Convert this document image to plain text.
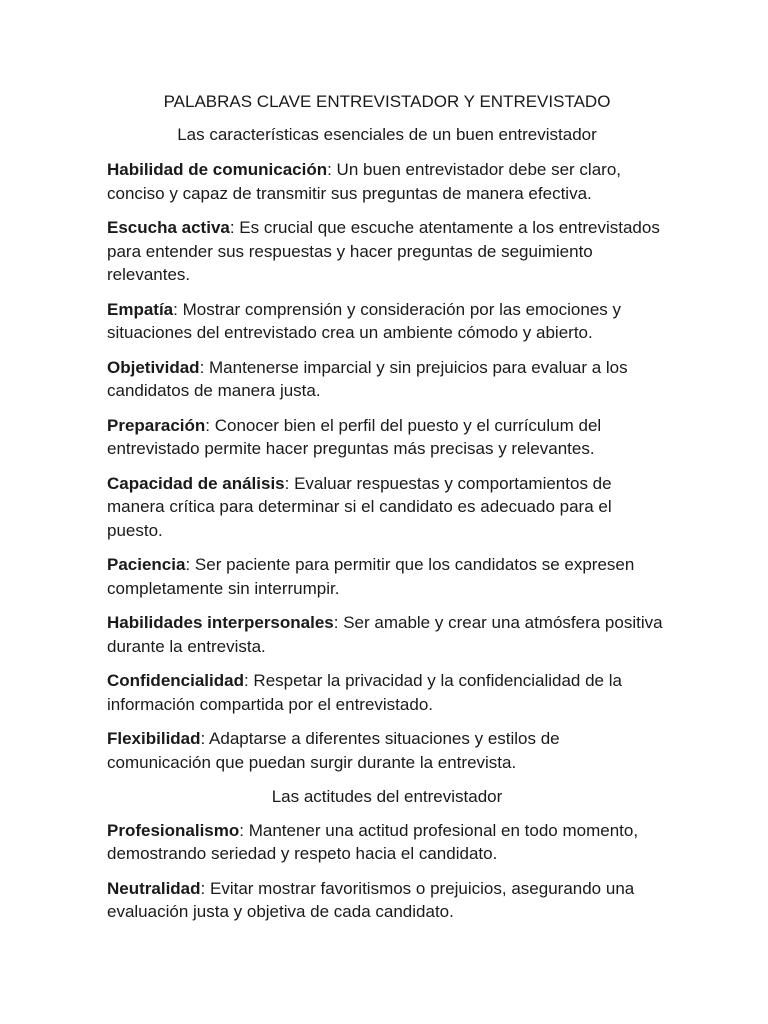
PALABRAS CLAVE ENTREVISTADOR Y ENTREVISTADO

Las características esenciales de un buen entrevistador

Habilidad de comunicación: Un buen entrevistador debe ser claro, conciso y capaz de transmitir sus preguntas de manera efectiva.

Escucha activa: Es crucial que escuche atentamente a los entrevistados para entender sus respuestas y hacer preguntas de seguimiento relevantes.

Empatía: Mostrar comprensión y consideración por las emociones y situaciones del entrevistado crea un ambiente cómodo y abierto.

Objetividad: Mantenerse imparcial y sin prejuicios para evaluar a los candidatos de manera justa.

Preparación: Conocer bien el perfil del puesto y el currículum del entrevistado permite hacer preguntas más precisas y relevantes.

Capacidad de análisis: Evaluar respuestas y comportamientos de manera crítica para determinar si el candidato es adecuado para el puesto.

Paciencia: Ser paciente para permitir que los candidatos se expresen completamente sin interrumpir.

Habilidades interpersonales: Ser amable y crear una atmósfera positiva durante la entrevista.

Confidencialidad: Respetar la privacidad y la confidencialidad de la información compartida por el entrevistado.

Flexibilidad: Adaptarse a diferentes situaciones y estilos de comunicación que puedan surgir durante la entrevista.

Las actitudes del entrevistador

Profesionalismo: Mantener una actitud profesional en todo momento, demostrando seriedad y respeto hacia el candidato.

Neutralidad: Evitar mostrar favoritismos o prejuicios, asegurando una evaluación justa y objetiva de cada candidato.
